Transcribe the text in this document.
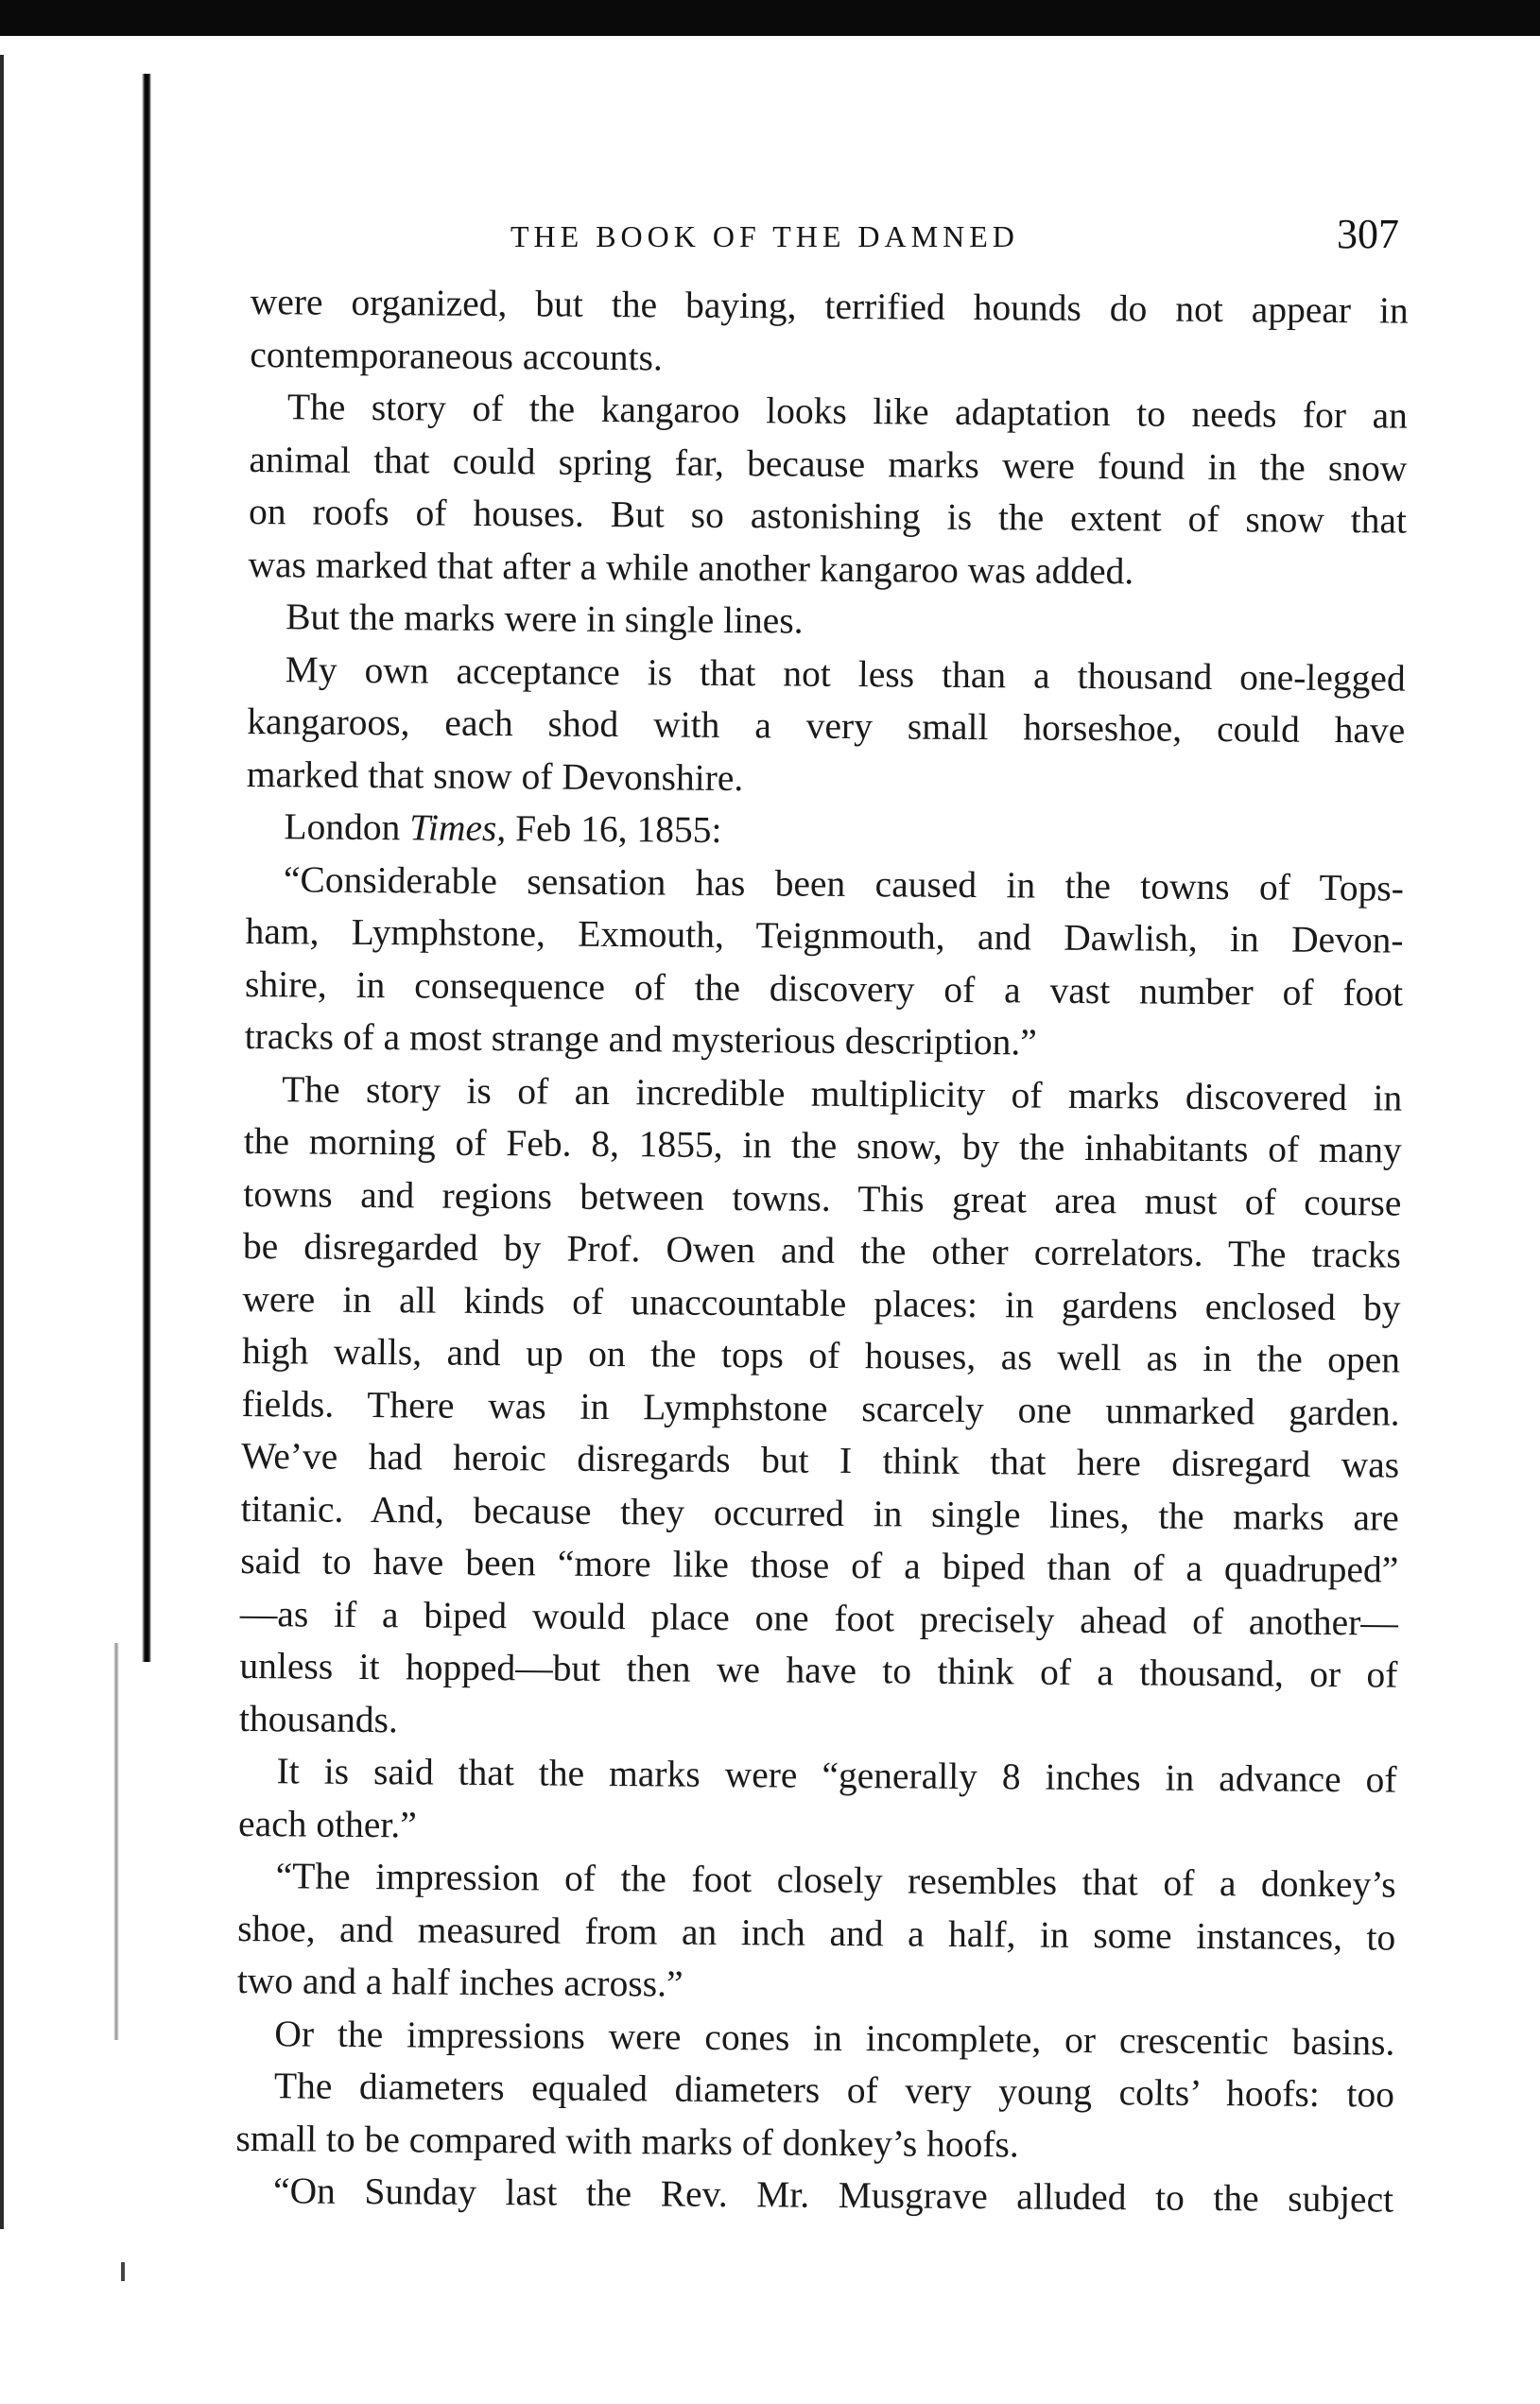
THE BOOK OF THE DAMNED	307
were organized, but the baying, terrified hounds do not appear in
contemporaneous accounts.
The story of the kangaroo looks like adaptation to needs for an
animal that could spring far, because marks were found in the snow
on roofs of houses. But so astonishing is the extent of snow that
was marked that after a while another kangaroo was added.
But the marks were in single lines.
My own acceptance is that not less than a thousand one-legged
kangaroos, each shod with a very small horseshoe, could have
marked that snow of Devonshire.
London Times, Feb 16, 1855:
“Considerable sensation has been caused in the towns of Tops-
ham, Lymphstone, Exmouth, Teignmouth, and Dawlish, in Devon-
shire, in consequence of the discovery of a vast number of foot
tracks of a most strange and mysterious description.”
The story is of an incredible multiplicity of marks discovered in
the morning of Feb. 8, 1855, in the snow, by the inhabitants of many
towns and regions between towns. This great area must of course
be disregarded by Prof. Owen and the other correlators. The tracks
were in all kinds of unaccountable places: in gardens enclosed by
high walls, and up on the tops of houses, as well as in the open
fields. There was in Lymphstone scarcely one unmarked garden.
We’ve had heroic disregards but I think that here disregard was
titanic. And, because they occurred in single lines, the marks are
said to have been “more like those of a biped than of a quadruped”
—as if a biped would place one foot precisely ahead of another—
unless it hopped—but then we have to think of a thousand, or of
thousands.
It is said that the marks were “generally 8 inches in advance of
each other.”
“The impression of the foot closely resembles that of a donkey’s
shoe, and measured from an inch and a half, in some instances, to
two and a half inches across.”
Or the impressions were cones in incomplete, or crescentic basins.
The diameters equaled diameters of very young colts’ hoofs: too
small to be compared with marks of donkey’s hoofs.
“On Sunday last the Rev. Mr. Musgrave alluded to the subject
